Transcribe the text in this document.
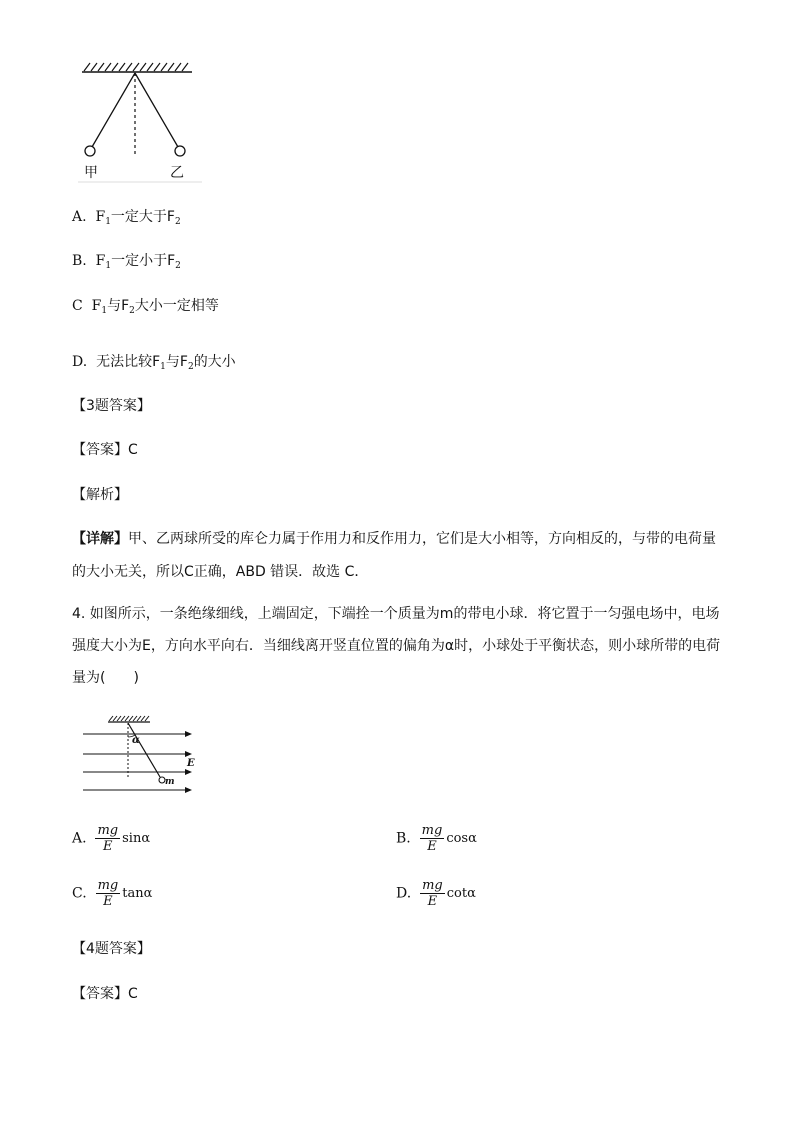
甲	乙
A. $F_1$一定大于$F_2$
B. $F_1$一定小于$F_2$
C $F_1$与$F_2$大小一定相等
D. 无法比较$F_1$与$F_2$的大小
【3题答案】
【答案】C
【解析】
【详解】甲、乙两球所受的库仑力属于作用力和反作用力，它们是大小相等，方向相反的，与带的电荷量
的大小无关，所以C正确，ABD 错误．故选 C．
4. 如图所示，一条绝缘细线，上端固定，下端拴一个质量为m的带电小球．将它置于一匀强电场中，电场
强度大小为E，方向水平向右．当细线离开竖直位置的偏角为α时，小球处于平衡状态，则小球所带的电荷
量为(　　)
α
E
m
A. $\frac{mg}{E}$ sinα	B. $\frac{mg}{E}$ cosα
C. $\frac{mg}{E}$ tanα	D. $\frac{mg}{E}$ cotα
【4题答案】
【答案】C
